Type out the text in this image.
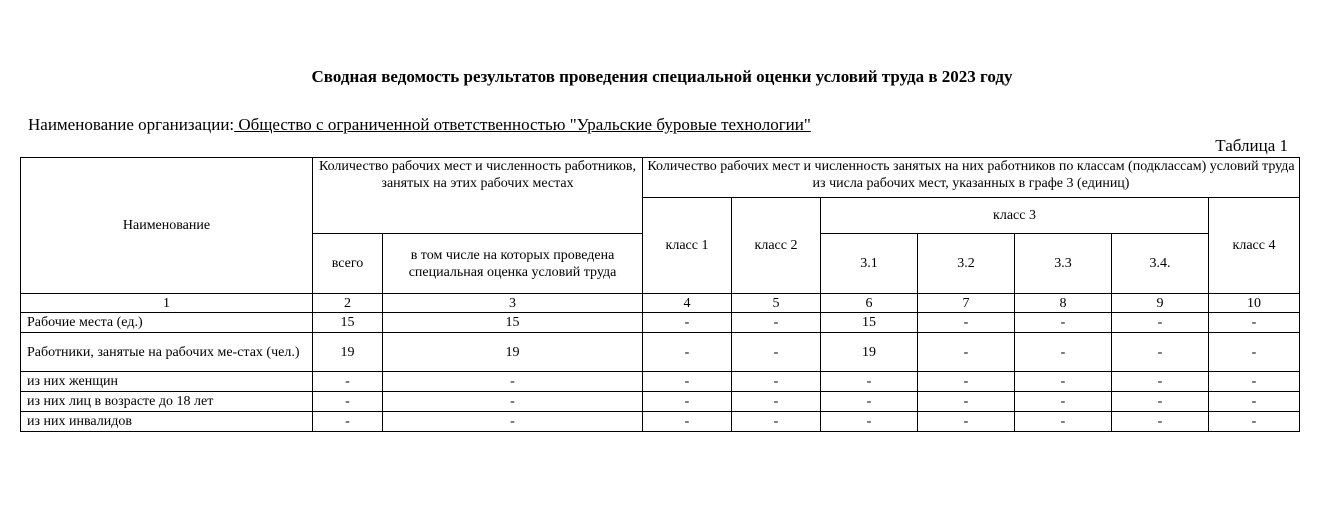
Сводная ведомость результатов проведения специальной оценки условий труда в 2023 году
Наименование организации: Общество с ограниченной ответственностью "Уральские буровые технологии"
Таблица 1
Наименование	Количество рабочих мест и численность работников, занятых на этих рабочих местах		Количество рабочих мест и численность занятых на них работников по классам (подклассам) условий труда из числа рабочих мест, указанных в графе 3 (единиц)						
			класс 1	класс 2	класс 3				класс 4
	всего	в том числе на которых проведена специальная оценка условий труда			3.1	3.2	3.3	3.4.	
1	2	3	4	5	6	7	8	9	10
Рабочие места (ед.)	15	15	-	-	15	-	-	-	-
Работники, занятые на рабочих ме-стах (чел.)	19	19	-	-	19	-	-	-	-
из них женщин	-	-	-	-	-	-	-	-	-
из них лиц в возрасте до 18 лет	-	-	-	-	-	-	-	-	-
из них инвалидов	-	-	-	-	-	-	-	-	-
